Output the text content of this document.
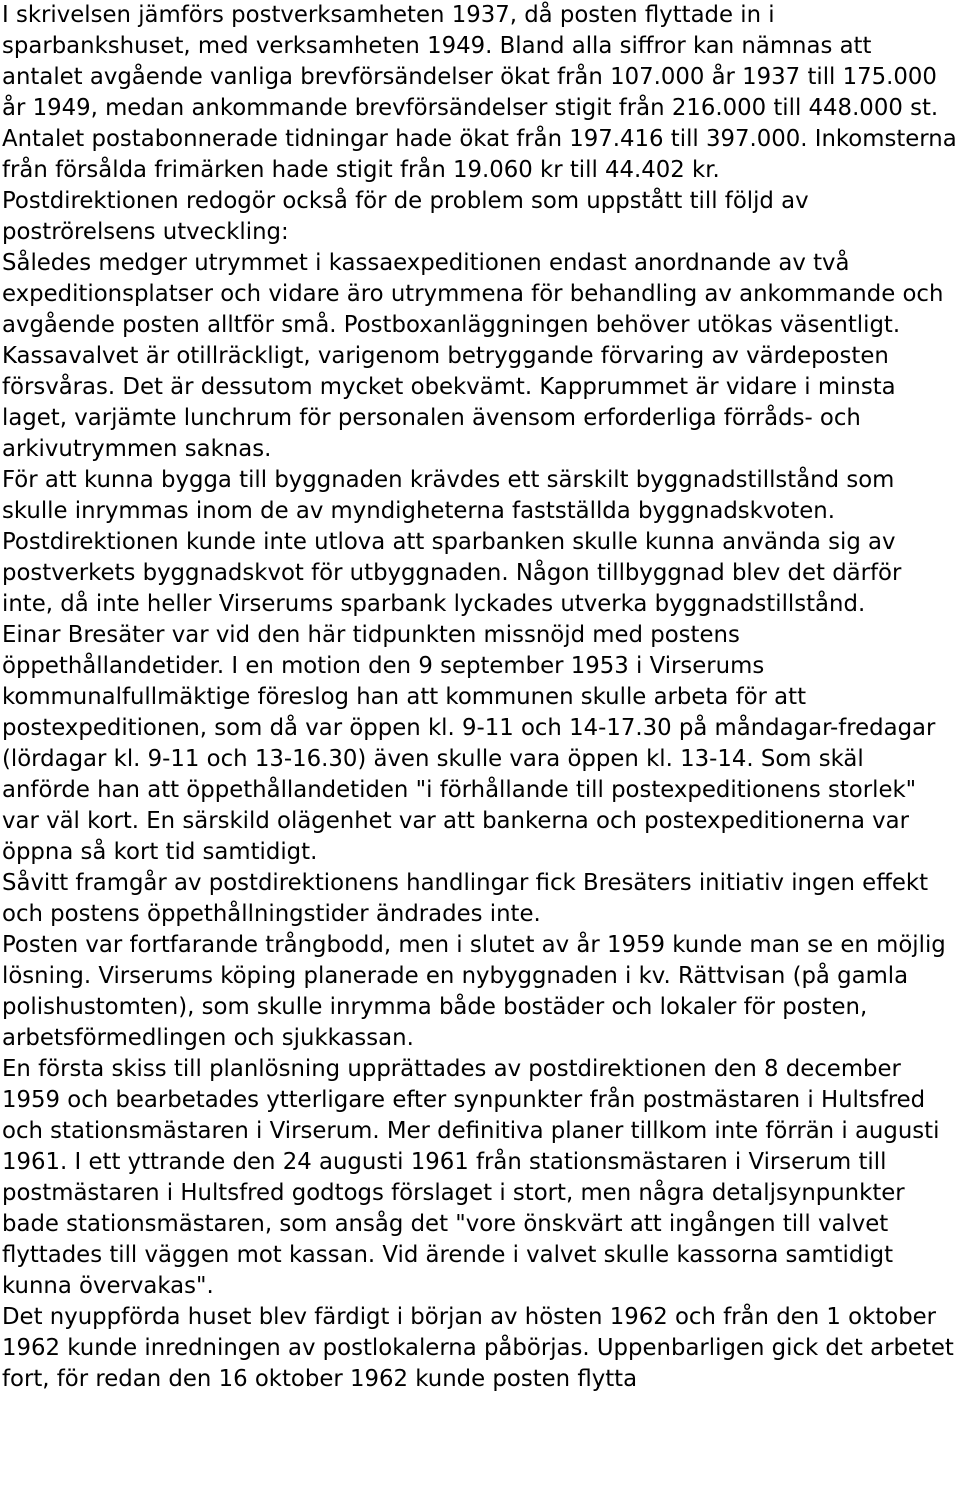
I skrivelsen jämförs postverksamheten 1937, då posten flyttade in i sparbankshuset, med verksamheten 1949. Bland alla siffror kan nämnas att antalet avgående vanliga brevförsändelser ökat från 107.000 år 1937 till 175.000 år 1949, medan ankommande brevförsändelser stigit från 216.000 till 448.000 st. Antalet postabonnerade tidningar hade ökat från 197.416 till 397.000. Inkomsterna från försålda frimärken hade stigit från 19.060 kr till 44.402 kr.

Postdirektionen redogör också för de problem som uppstått till följd av poströrelsens utveckling:

Således medger utrymmet i kassaexpeditionen endast anordnande av två expeditionsplatser och vidare äro utrymmena för behandling av ankommande och avgående posten alltför små. Postboxanläggningen behöver utökas väsentligt. Kassavalvet är otillräckligt, varigenom betryggande förvaring av värdeposten försvåras. Det är dessutom mycket obekvämt. Kapprummet är vidare i minsta laget, varjämte lunchrum för personalen ävensom erforderliga förråds- och arkivutrymmen saknas.

För att kunna bygga till byggnaden krävdes ett särskilt byggnadstillstånd som skulle inrymmas inom de av myndigheterna fastställda byggnadskvoten. Postdirektionen kunde inte utlova att sparbanken skulle kunna använda sig av postverkets byggnadskvot för utbyggnaden. Någon tillbyggnad blev det därför inte, då inte heller Virserums sparbank lyckades utverka byggnadstillstånd.

Einar Bresäter var vid den här tidpunkten missnöjd med postens öppethållandetider. I en motion den 9 september 1953 i Virserums kommunalfullmäktige föreslog han att kommunen skulle arbeta för att postexpeditionen, som då var öppen kl. 9-11 och 14-17.30 på måndagar-fredagar (lördagar kl. 9-11 och 13-16.30) även skulle vara öppen kl. 13-14. Som skäl anförde han att öppethållandetiden "i förhållande till postexpeditionens storlek" var väl kort. En särskild olägenhet var att bankerna och postexpeditionerna var öppna så kort tid samtidigt.

Såvitt framgår av postdirektionens handlingar fick Bresäters initiativ ingen effekt och postens öppethållningstider ändrades inte.

Posten var fortfarande trångbodd, men i slutet av år 1959 kunde man se en möjlig lösning. Virserums köping planerade en nybyggnaden i kv. Rättvisan (på gamla polishustomten), som skulle inrymma både bostäder och lokaler för posten, arbetsförmedlingen och sjukkassan.

En första skiss till planlösning upprättades av postdirektionen den 8 december 1959 och bearbetades ytterligare efter synpunkter från postmästaren i Hultsfred och stationsmästaren i Virserum. Mer definitiva planer tillkom inte förrän i augusti 1961. I ett yttrande den 24 augusti 1961 från stationsmästaren i Virserum till postmästaren i Hultsfred godtogs förslaget i stort, men några detaljsynpunkter bade stationsmästaren, som ansåg det "vore önskvärt att ingången till valvet flyttades till väggen mot kassan. Vid ärende i valvet skulle kassorna samtidigt kunna övervakas".

Det nyuppförda huset blev färdigt i början av hösten 1962 och från den 1 oktober 1962 kunde inredningen av postlokalerna påbörjas. Uppenbarligen gick det arbetet fort, för redan den 16 oktober 1962 kunde posten flytta
